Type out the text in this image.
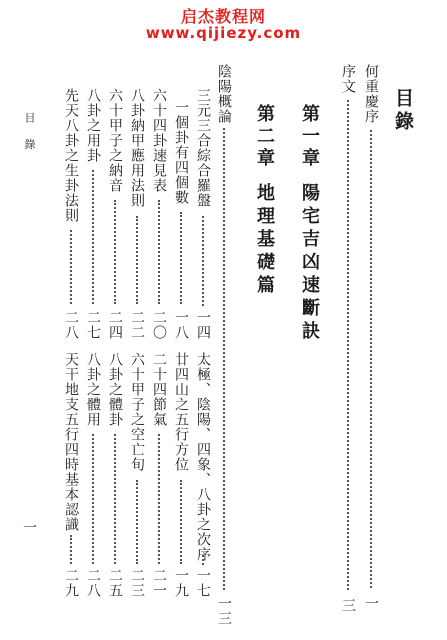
启杰教程网
www.qijiezy.com
目錄
何重慶序
一
序文
三
第一章
陽宅吉凶速斷訣
第二章
地理基礎篇
陰陽概論
一三
三元三合綜合羅盤
一四
太極、陰陽、四象、八卦之次序
一七
一個卦有四個數
一八
廿四山之五行方位
一九
六十四卦速見表
二〇
二十四節氣
二一
八卦納甲應用法則
二二
六十甲子之空亡旬
二三
六十甲子之納音
二四
八卦之體卦
二五
八卦之用卦
二七
八卦之體用
二八
先天八卦之生卦法則
二八
天干地支五行四時基本認識
二九
目 錄
一
